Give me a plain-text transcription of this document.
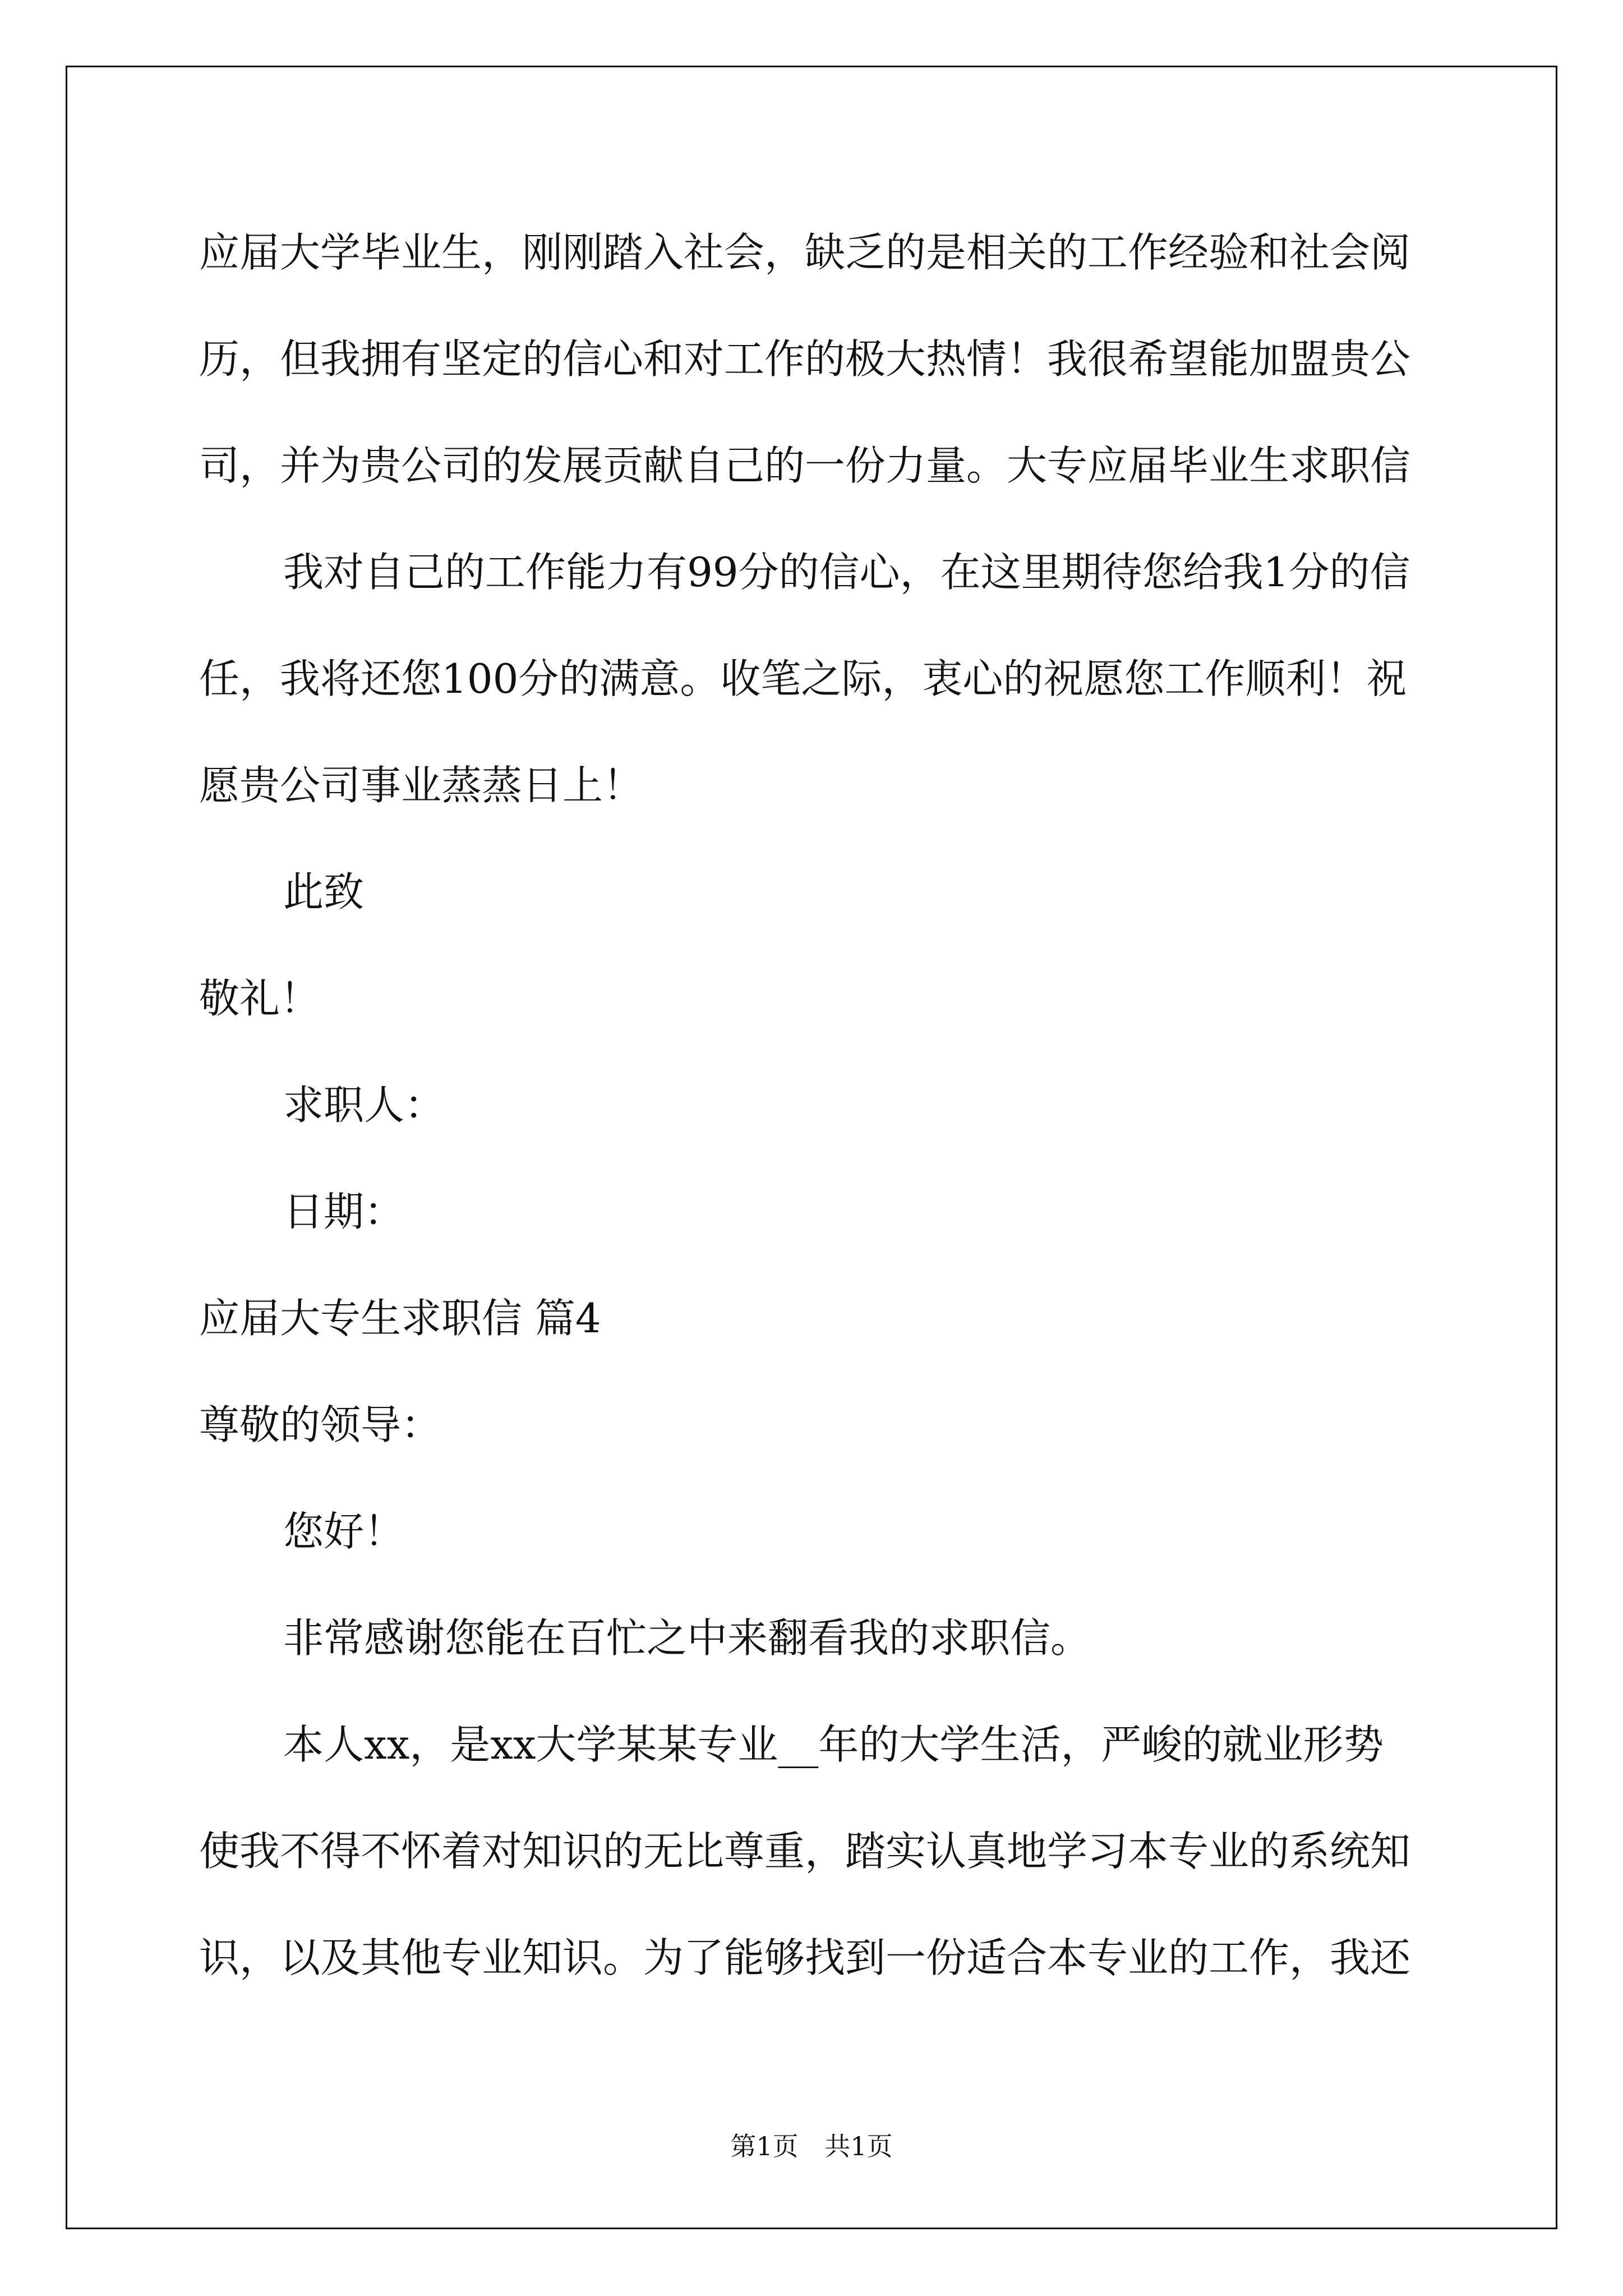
应届大学毕业生，刚刚踏入社会，缺乏的是相关的工作经验和社会阅

历，但我拥有坚定的信心和对工作的极大热情！我很希望能加盟贵公

司，并为贵公司的发展贡献自己的一份力量。大专应届毕业生求职信

我对自己的工作能力有99分的信心，在这里期待您给我1分的信

任，我将还您100分的满意。收笔之际，衷心的祝愿您工作顺利！祝

愿贵公司事业蒸蒸日上！

此致

敬礼！

求职人：

日期：

应届大专生求职信 篇4

尊敬的领导：

您好！

非常感谢您能在百忙之中来翻看我的求职信。

本人xx，是xx大学某某专业__年的大学生活，严峻的就业形势

使我不得不怀着对知识的无比尊重，踏实认真地学习本专业的系统知

识，以及其他专业知识。为了能够找到一份适合本专业的工作，我还

第1页 共1页
